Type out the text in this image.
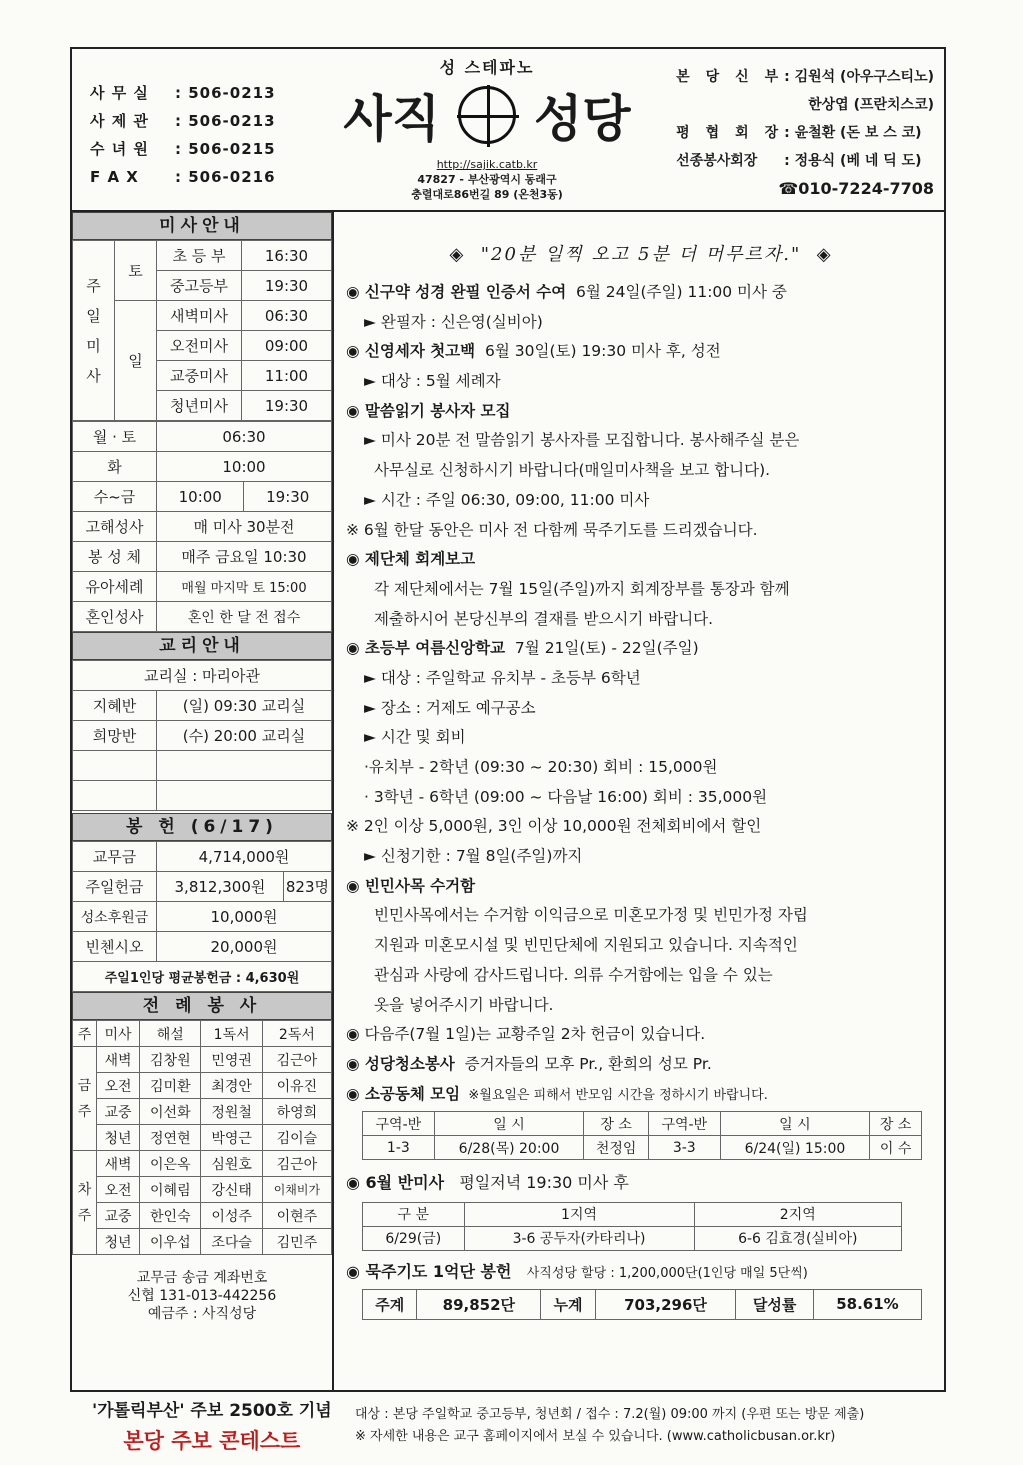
사 무 실	: 506-0213
사 제 관	: 506-0213
수 녀 원	: 506-0215
F A X	: 506-0216
성 스테파노
사직 성당
http://sajik.catb.kr
47827 - 부산광역시 동래구
충렬대로86번길 89 (온천3동)
본 당 신 부 : 김원석 (아우구스티노)
한상엽 (프란치스코)
평 협 회 장 : 윤철환 (돈 보 스 코)
선종봉사회장	: 정용식 (베 네 딕 도)
☎010-7224-7708
미사안내
주
일
미
사	토	초 등 부	16:30
		중고등부	19:30
	일	새벽미사	06:30
		오전미사	09:00
		교중미사	11:00
		청년미사	19:30
월 · 토	06:30	
화	10:00	
수~금	10:00	19:30
고해성사	매 미사 30분전	
봉 성 체	매주 금요일 10:30	
유아세례	매월 마지막 토 15:00	
혼인성사	혼인 한 달 전 접수	
교리안내
교리실 : 마리아관	
지혜반	(일) 09:30 교리실
희망반	(수) 20:00 교리실

봉 헌 (6/17)
교무금	4,714,000원	
주일헌금	3,812,300원	823명
성소후원금	10,000원	
빈첸시오	20,000원	
주일1인당 평균봉헌금 : 4,630원		
전 례 봉 사
주	미사	해설	1독서	2독서
금
주	새벽	김창원	민영권	김근아
	오전	김미환	최경안	이유진
	교중	이선화	정원철	하영희
	청년	정연현	박영근	김이슬
차
주	새벽	이은옥	심원호	김근아
	오전	이혜림	강신태	이채비가
	교중	한인숙	이성주	이현주
	청년	이우섭	조다슬	김민주
교무금 송금 계좌번호
신협 131-013-442256
예금주 : 사직성당
◈ "20분 일찍 오고 5분 더 머무르자." ◈
◉ 신구약 성경 완필 인증서 수여  6월 24일(주일) 11:00 미사 중
► 완필자 : 신은영(실비아)
◉ 신영세자 첫고백  6월 30일(토) 19:30 미사 후, 성전
► 대상 : 5월 세례자
◉ 말씀읽기 봉사자 모집
► 미사 20분 전 말씀읽기 봉사자를 모집합니다. 봉사해주실 분은
사무실로 신청하시기 바랍니다(매일미사책을 보고 합니다).
► 시간 : 주일 06:30, 09:00, 11:00 미사
※ 6월 한달 동안은 미사 전 다함께 묵주기도를 드리겠습니다.
◉ 제단체 회계보고
각 제단체에서는 7월 15일(주일)까지 회계장부를 통장과 함께
제출하시어 본당신부의 결재를 받으시기 바랍니다.
◉ 초등부 여름신앙학교  7월 21일(토) - 22일(주일)
► 대상 : 주일학교 유치부 - 초등부 6학년
► 장소 : 거제도 예구공소
► 시간 및 회비
·유치부 - 2학년 (09:30 ~ 20:30) 회비 : 15,000원
· 3학년 - 6학년 (09:00 ~ 다음날 16:00) 회비 : 35,000원
※ 2인 이상 5,000원, 3인 이상 10,000원 전체회비에서 할인
► 신청기한 : 7월 8일(주일)까지
◉ 빈민사목 수거함
빈민사목에서는 수거함 이익금으로 미혼모가정 및 빈민가정 자립
지원과 미혼모시설 및 빈민단체에 지원되고 있습니다. 지속적인
관심과 사랑에 감사드립니다. 의류 수거함에는 입을 수 있는
옷을 넣어주시기 바랍니다.
◉ 다음주(7월 1일)는 교황주일 2차 헌금이 있습니다.
◉ 성당청소봉사  증거자들의 모후 Pr., 환희의 성모 Pr.
◉ 소공동체 모임  ※월요일은 피해서 반모임 시간을 정하시기 바랍니다.
구역-반	일 시	장 소	구역-반	일 시	장 소
1-3	6/28(목) 20:00	천정임	3-3	6/24(일) 15:00	이 수
◉ 6월 반미사 평일저녁 19:30 미사 후
구 분	1지역	2지역
6/29(금)	3-6 공두자(카타리나)	6-6 김효경(실비아)
◉ 묵주기도 1억단 봉헌 사직성당 할당 : 1,200,000단(1인당 매일 5단씩)
주계	89,852단	누계	703,296단	달성률	58.61%
'가톨릭부산' 주보 2500호 기념
본당 주보 콘테스트
대상 : 본당 주일학교 중고등부, 청년회 / 접수 : 7.2(월) 09:00 까지 (우편 또는 방문 제출)
※ 자세한 내용은 교구 홈페이지에서 보실 수 있습니다. (www.catholicbusan.or.kr)
